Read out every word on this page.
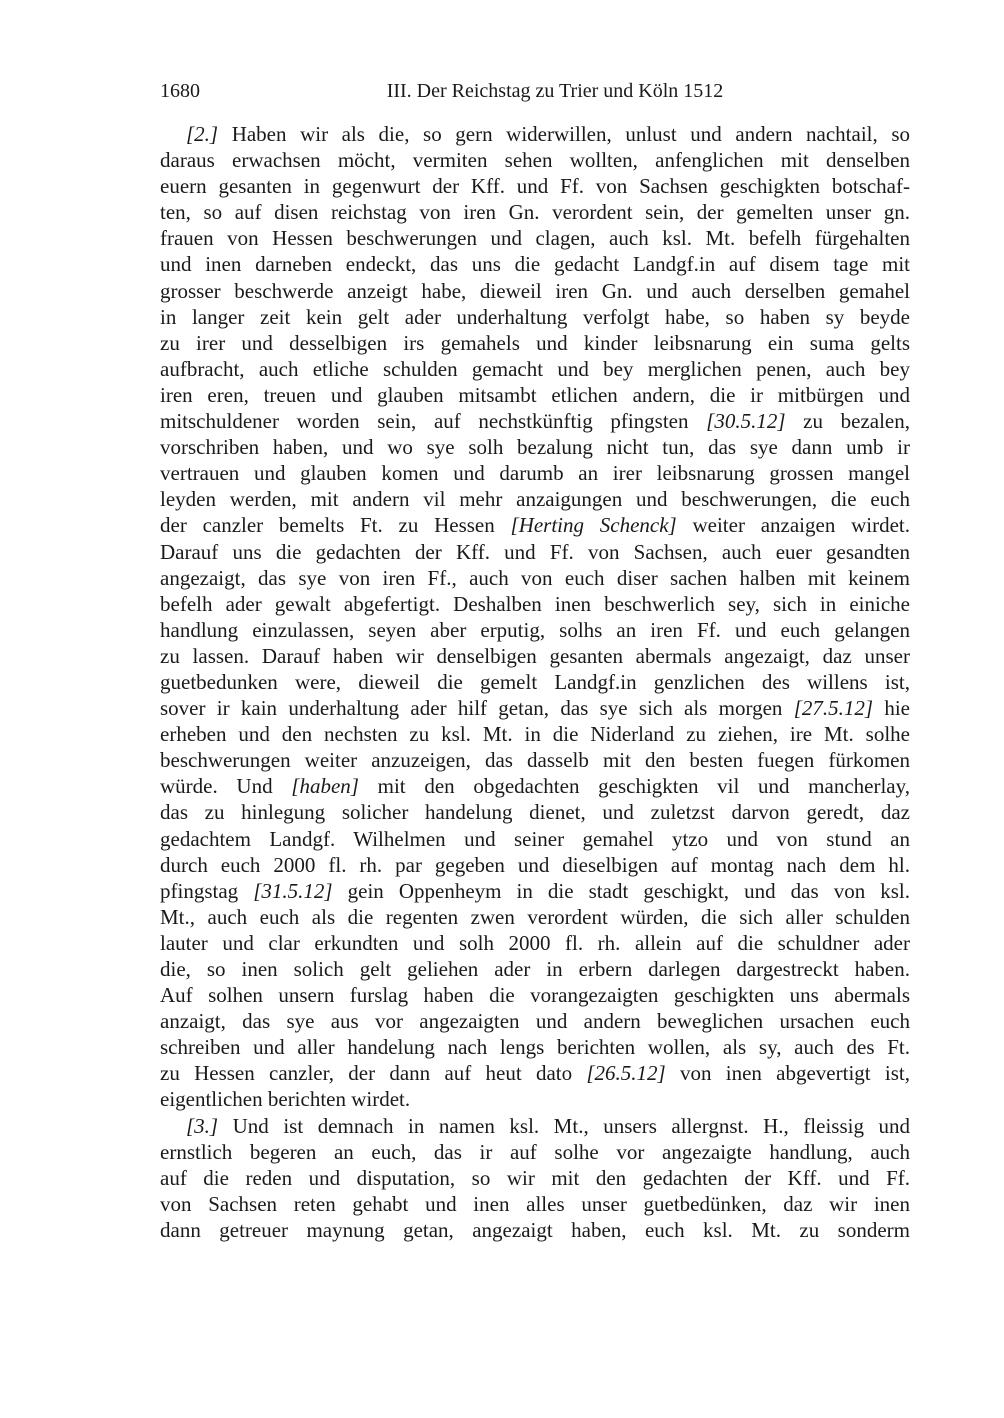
1680	III. Der Reichstag zu Trier und Köln 1512
[2.] Haben wir als die, so gern widerwillen, unlust und andern nachtail, so
daraus erwachsen möcht, vermiten sehen wollten, anfenglichen mit denselben
euern gesanten in gegenwurt der Kff. und Ff. von Sachsen geschigkten botschaf-
ten, so auf disen reichstag von iren Gn. verordent sein, der gemelten unser gn.
frauen von Hessen beschwerungen und clagen, auch ksl. Mt. befelh fürgehalten
und inen darneben endeckt, das uns die gedacht Landgf.in auf disem tage mit
grosser beschwerde anzeigt habe, dieweil iren Gn. und auch derselben gemahel
in langer zeit kein gelt ader underhaltung verfolgt habe, so haben sy beyde
zu irer und desselbigen irs gemahels und kinder leibsnarung ein suma gelts
aufbracht, auch etliche schulden gemacht und bey merglichen penen, auch bey
iren eren, treuen und glauben mitsambt etlichen andern, die ir mitbürgen und
mitschuldener worden sein, auf nechstkünftig pfingsten [30.5.12] zu bezalen,
vorschriben haben, und wo sye solh bezalung nicht tun, das sye dann umb ir
vertrauen und glauben komen und darumb an irer leibsnarung grossen mangel
leyden werden, mit andern vil mehr anzaigungen und beschwerungen, die euch
der canzler bemelts Ft. zu Hessen [Herting Schenck] weiter anzaigen wirdet.
Darauf uns die gedachten der Kff. und Ff. von Sachsen, auch euer gesandten
angezaigt, das sye von iren Ff., auch von euch diser sachen halben mit keinem
befelh ader gewalt abgefertigt. Deshalben inen beschwerlich sey, sich in einiche
handlung einzulassen, seyen aber erputig, solhs an iren Ff. und euch gelangen
zu lassen. Darauf haben wir denselbigen gesanten abermals angezaigt, daz unser
guetbedunken were, dieweil die gemelt Landgf.in genzlichen des willens ist,
sover ir kain underhaltung ader hilf getan, das sye sich als morgen [27.5.12] hie
erheben und den nechsten zu ksl. Mt. in die Niderland zu ziehen, ire Mt. solhe
beschwerungen weiter anzuzeigen, das dasselb mit den besten fuegen fürkomen
würde. Und [haben] mit den obgedachten geschigkten vil und mancherlay,
das zu hinlegung solicher handelung dienet, und zuletzst darvon geredt, daz
gedachtem Landgf. Wilhelmen und seiner gemahel ytzo und von stund an
durch euch 2000 fl. rh. par gegeben und dieselbigen auf montag nach dem hl.
pfingstag [31.5.12] gein Oppenheym in die stadt geschigkt, und das von ksl.
Mt., auch euch als die regenten zwen verordent würden, die sich aller schulden
lauter und clar erkundten und solh 2000 fl. rh. allein auf die schuldner ader
die, so inen solich gelt geliehen ader in erbern darlegen dargestreckt haben.
Auf solhen unsern furslag haben die vorangezaigten geschigkten uns abermals
anzaigt, das sye aus vor angezaigten und andern beweglichen ursachen euch
schreiben und aller handelung nach lengs berichten wollen, als sy, auch des Ft.
zu Hessen canzler, der dann auf heut dato [26.5.12] von inen abgevertigt ist,
eigentlichen berichten wirdet.
[3.] Und ist demnach in namen ksl. Mt., unsers allergnst. H., fleissig und
ernstlich begeren an euch, das ir auf solhe vor angezaigte handlung, auch
auf die reden und disputation, so wir mit den gedachten der Kff. und Ff.
von Sachsen reten gehabt und inen alles unser guetbedünken, daz wir inen
dann getreuer maynung getan, angezaigt haben, euch ksl. Mt. zu sonderm
